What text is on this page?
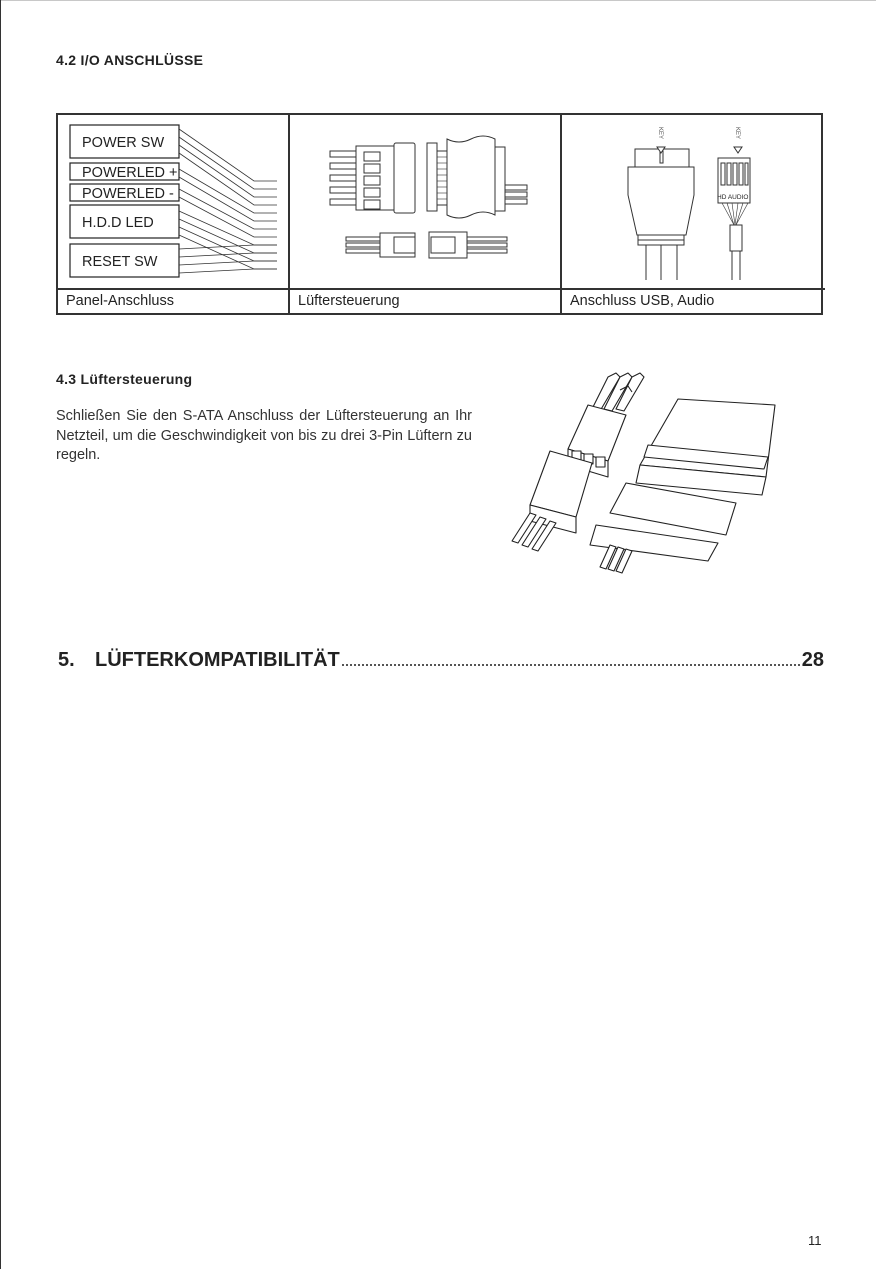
4.2 I/O ANSCHLÜSSE
POWER SW
POWERLED +
POWERLED -
H.D.D LED
RESET SW
KEY	KEY
HD AUDIO
Panel-Anschluss	Lüftersteuerung	Anschluss USB, Audio
4.3 Lüftersteuerung
Schließen Sie den S-ATA Anschluss der Lüftersteuerung an Ihr Netzteil, um die Geschwindigkeit von bis zu drei 3-Pin Lüftern zu regeln.
5.	LÜFTERKOMPATIBILITÄT	28
11
